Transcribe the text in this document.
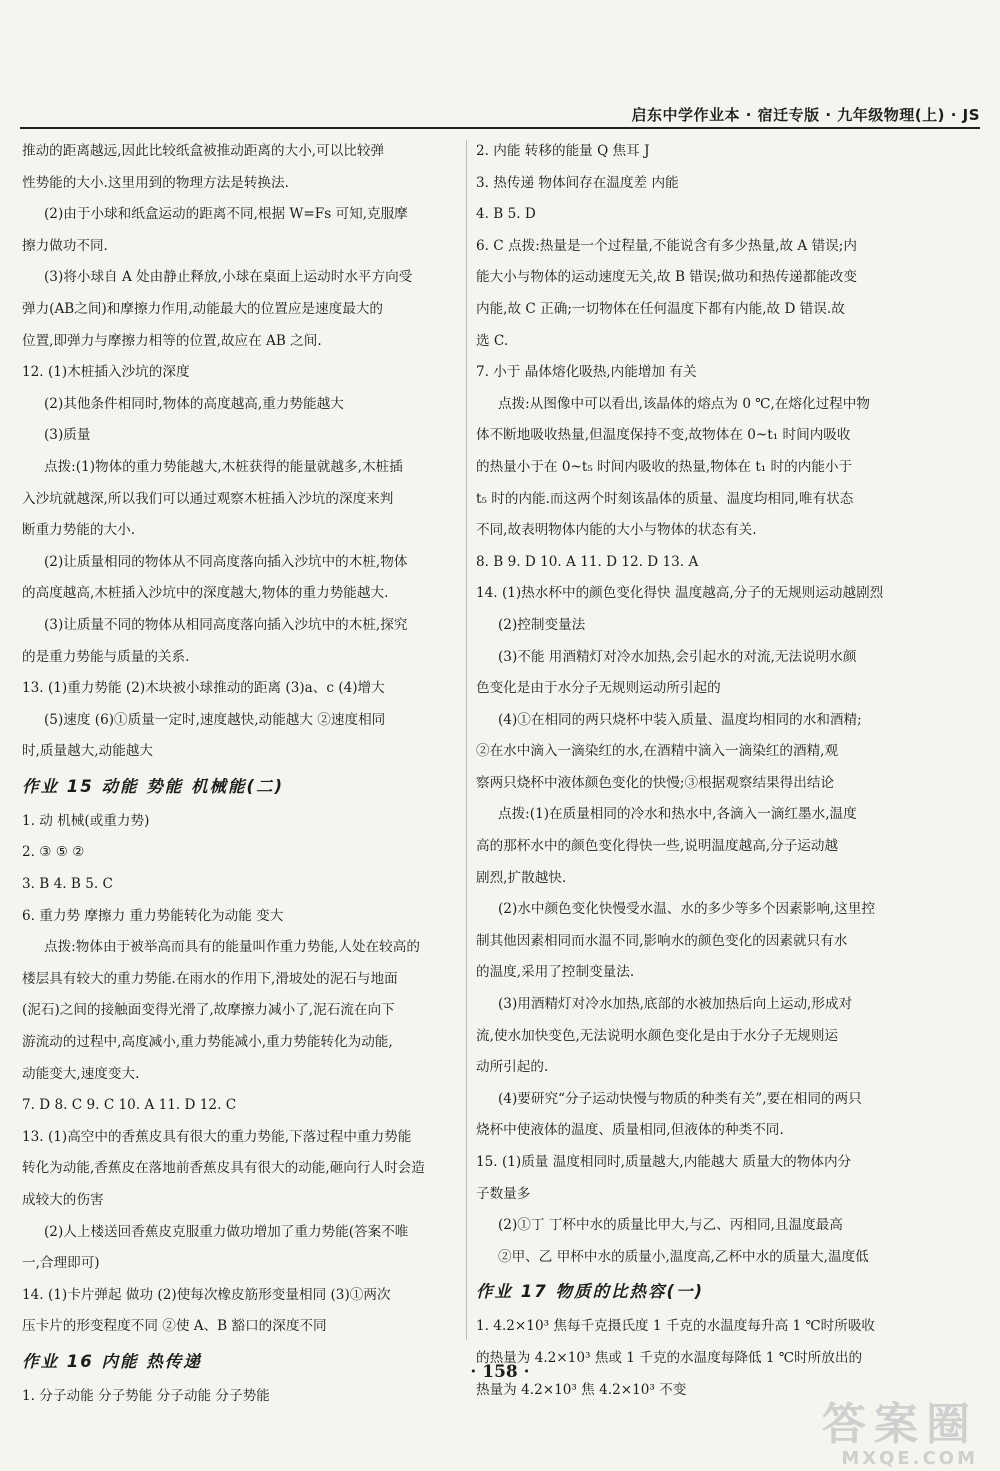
启东中学作业本 · 宿迁专版 · 九年级物理(上) · JS
推动的距离越远,因此比较纸盒被推动距离的大小,可以比较弹
性势能的大小.这里用到的物理方法是转换法.
(2)由于小球和纸盒运动的距离不同,根据 W=Fs 可知,克服摩
擦力做功不同.
(3)将小球自 A 处由静止释放,小球在桌面上运动时水平方向受
弹力(AB之间)和摩擦力作用,动能最大的位置应是速度最大的
位置,即弹力与摩擦力相等的位置,故应在 AB 之间.
12. (1)木桩插入沙坑的深度
(2)其他条件相同时,物体的高度越高,重力势能越大
(3)质量
点拨:(1)物体的重力势能越大,木桩获得的能量就越多,木桩插
入沙坑就越深,所以我们可以通过观察木桩插入沙坑的深度来判
断重力势能的大小.
(2)让质量相同的物体从不同高度落向插入沙坑中的木桩,物体
的高度越高,木桩插入沙坑中的深度越大,物体的重力势能越大.
(3)让质量不同的物体从相同高度落向插入沙坑中的木桩,探究
的是重力势能与质量的关系.
13. (1)重力势能 (2)木块被小球推动的距离 (3)a、c (4)增大
(5)速度 (6)①质量一定时,速度越快,动能越大 ②速度相同
时,质量越大,动能越大
作业 15 动能 势能 机械能(二)
1. 动 机械(或重力势)
2. ③ ⑤ ②
3. B 4. B 5. C
6. 重力势 摩擦力 重力势能转化为动能 变大
点拨:物体由于被举高而具有的能量叫作重力势能,人处在较高的
楼层具有较大的重力势能.在雨水的作用下,滑坡处的泥石与地面
(泥石)之间的接触面变得光滑了,故摩擦力减小了,泥石流在向下
游流动的过程中,高度减小,重力势能减小,重力势能转化为动能,
动能变大,速度变大.
7. D 8. C 9. C 10. A 11. D 12. C
13. (1)高空中的香蕉皮具有很大的重力势能,下落过程中重力势能
转化为动能,香蕉皮在落地前香蕉皮具有很大的动能,砸向行人时会造
成较大的伤害
(2)人上楼送回香蕉皮克服重力做功增加了重力势能(答案不唯
一,合理即可)
14. (1)卡片弹起 做功 (2)使每次橡皮筋形变量相同 (3)①两次
压卡片的形变程度不同 ②使 A、B 豁口的深度不同
作业 16 内能 热传递
1. 分子动能 分子势能 分子动能 分子势能
2. 内能 转移的能量 Q 焦耳 J
3. 热传递 物体间存在温度差 内能
4. B 5. D
6. C 点拨:热量是一个过程量,不能说含有多少热量,故 A 错误;内
能大小与物体的运动速度无关,故 B 错误;做功和热传递都能改变
内能,故 C 正确;一切物体在任何温度下都有内能,故 D 错误.故
选 C.
7. 小于 晶体熔化吸热,内能增加 有关
点拨:从图像中可以看出,该晶体的熔点为 0 ℃,在熔化过程中物
体不断地吸收热量,但温度保持不变,故物体在 0~t₁ 时间内吸收
的热量小于在 0~t₅ 时间内吸收的热量,物体在 t₁ 时的内能小于
t₅ 时的内能.而这两个时刻该晶体的质量、温度均相同,唯有状态
不同,故表明物体内能的大小与物体的状态有关.
8. B 9. D 10. A 11. D 12. D 13. A
14. (1)热水杯中的颜色变化得快 温度越高,分子的无规则运动越剧烈
(2)控制变量法
(3)不能 用酒精灯对冷水加热,会引起水的对流,无法说明水颜
色变化是由于水分子无规则运动所引起的
(4)①在相同的两只烧杯中装入质量、温度均相同的水和酒精;
②在水中滴入一滴染红的水,在酒精中滴入一滴染红的酒精,观
察两只烧杯中液体颜色变化的快慢;③根据观察结果得出结论
点拨:(1)在质量相同的冷水和热水中,各滴入一滴红墨水,温度
高的那杯水中的颜色变化得快一些,说明温度越高,分子运动越
剧烈,扩散越快.
(2)水中颜色变化快慢受水温、水的多少等多个因素影响,这里控
制其他因素相同而水温不同,影响水的颜色变化的因素就只有水
的温度,采用了控制变量法.
(3)用酒精灯对冷水加热,底部的水被加热后向上运动,形成对
流,使水加快变色,无法说明水颜色变化是由于水分子无规则运
动所引起的.
(4)要研究“分子运动快慢与物质的种类有关”,要在相同的两只
烧杯中使液体的温度、质量相同,但液体的种类不同.
15. (1)质量 温度相同时,质量越大,内能越大 质量大的物体内分
子数量多
(2)①丁 丁杯中水的质量比甲大,与乙、丙相同,且温度最高
②甲、乙 甲杯中水的质量小,温度高,乙杯中水的质量大,温度低
作业 17 物质的比热容(一)
1. 4.2×10³ 焦每千克摄氏度 1 千克的水温度每升高 1 ℃时所吸收
的热量为 4.2×10³ 焦或 1 千克的水温度每降低 1 ℃时所放出的
热量为 4.2×10³ 焦 4.2×10³ 不变
· 158 ·
答案圈
MXQE.COM
